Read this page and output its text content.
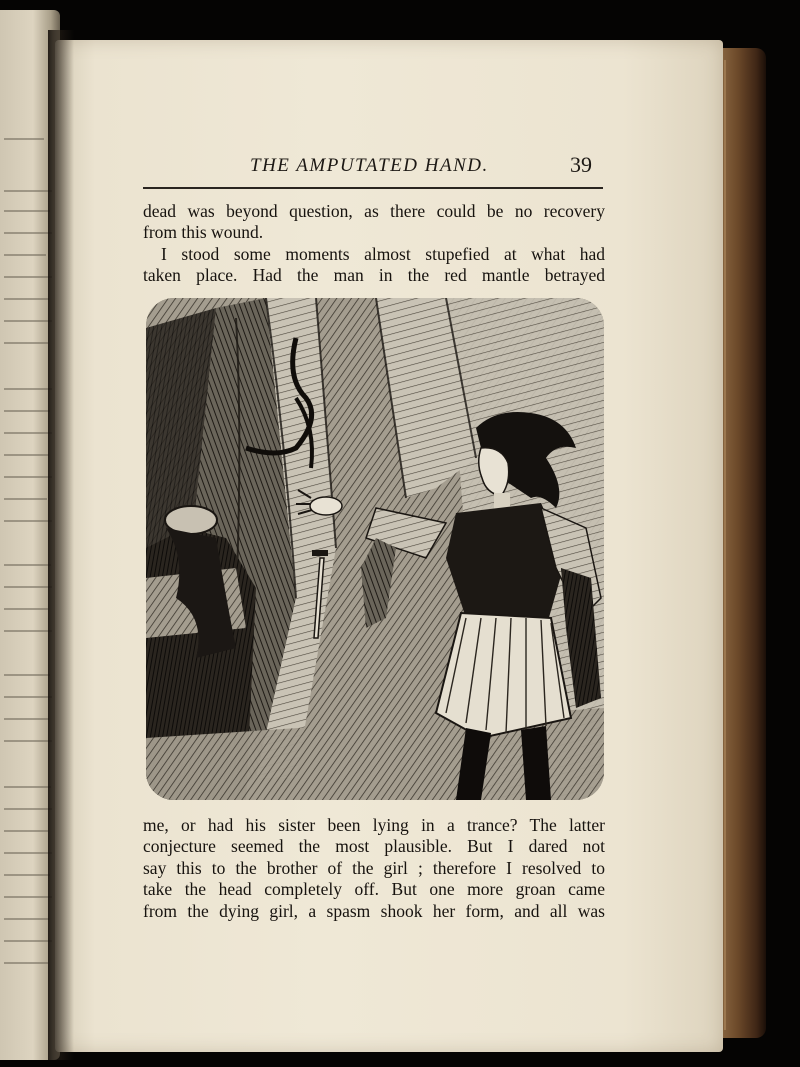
THE AMPUTATED HAND.	39
dead was beyond question, as there could be no recovery
from this wound.
I stood some moments almost stupefied at what had
taken place. Had the man in the red mantle betrayed
me, or had his sister been lying in a trance? The latter
conjecture seemed the most plausible. But I dared not
say this to the brother of the girl ; therefore I resolved to
take the head completely off. But one more groan came
from the dying girl, a spasm shook her form, and all was
